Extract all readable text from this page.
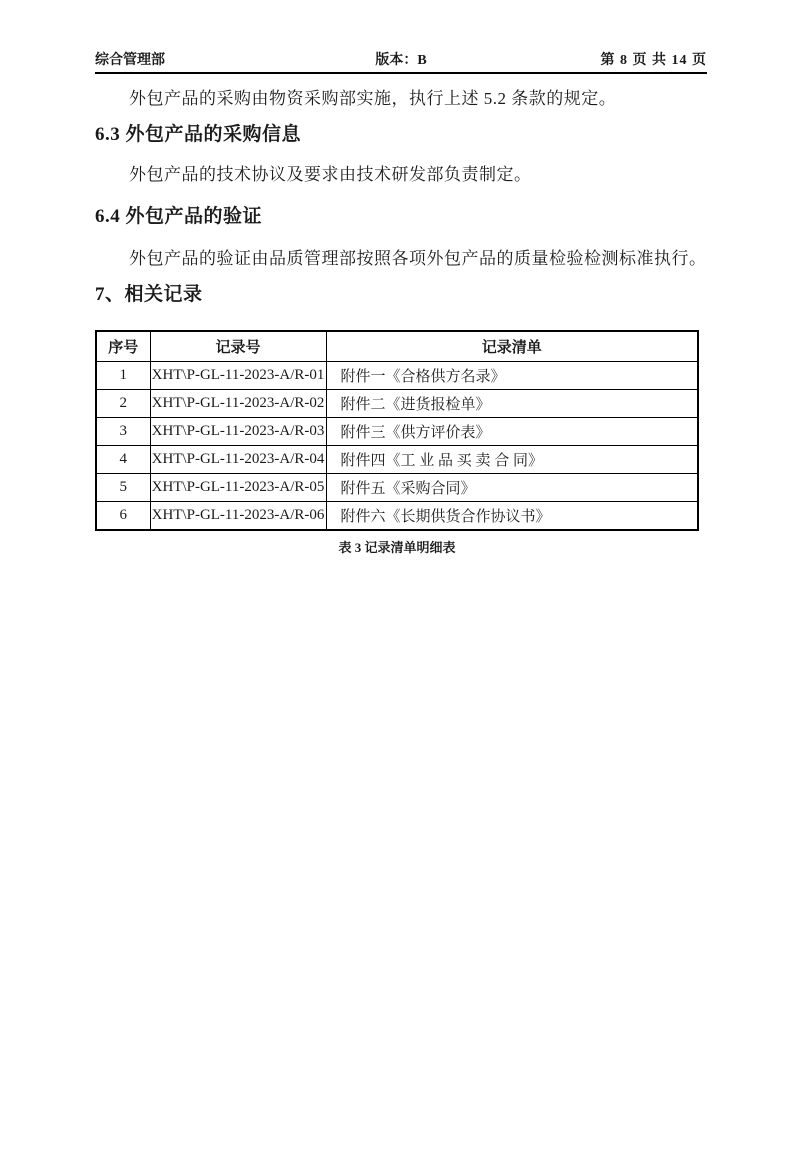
综合管理部	版本：B	第 8 页 共 14 页

外包产品的采购由物资采购部实施，执行上述 5.2 条款的规定。

6.3 外包产品的采购信息

外包产品的技术协议及要求由技术研发部负责制定。

6.4 外包产品的验证

外包产品的验证由品质管理部按照各项外包产品的质量检验检测标准执行。

7、相关记录
序号	记录号	记录清单
1	XHT\P-GL-11-2023-A/R-01	附件一《合格供方名录》
2	XHT\P-GL-11-2023-A/R-02	附件二《进货报检单》
3	XHT\P-GL-11-2023-A/R-03	附件三《供方评价表》
4	XHT\P-GL-11-2023-A/R-04	附件四《工 业 品 买 卖 合 同》
5	XHT\P-GL-11-2023-A/R-05	附件五《采购合同》
6	XHT\P-GL-11-2023-A/R-06	附件六《长期供货合作协议书》
表 3 记录清单明细表
